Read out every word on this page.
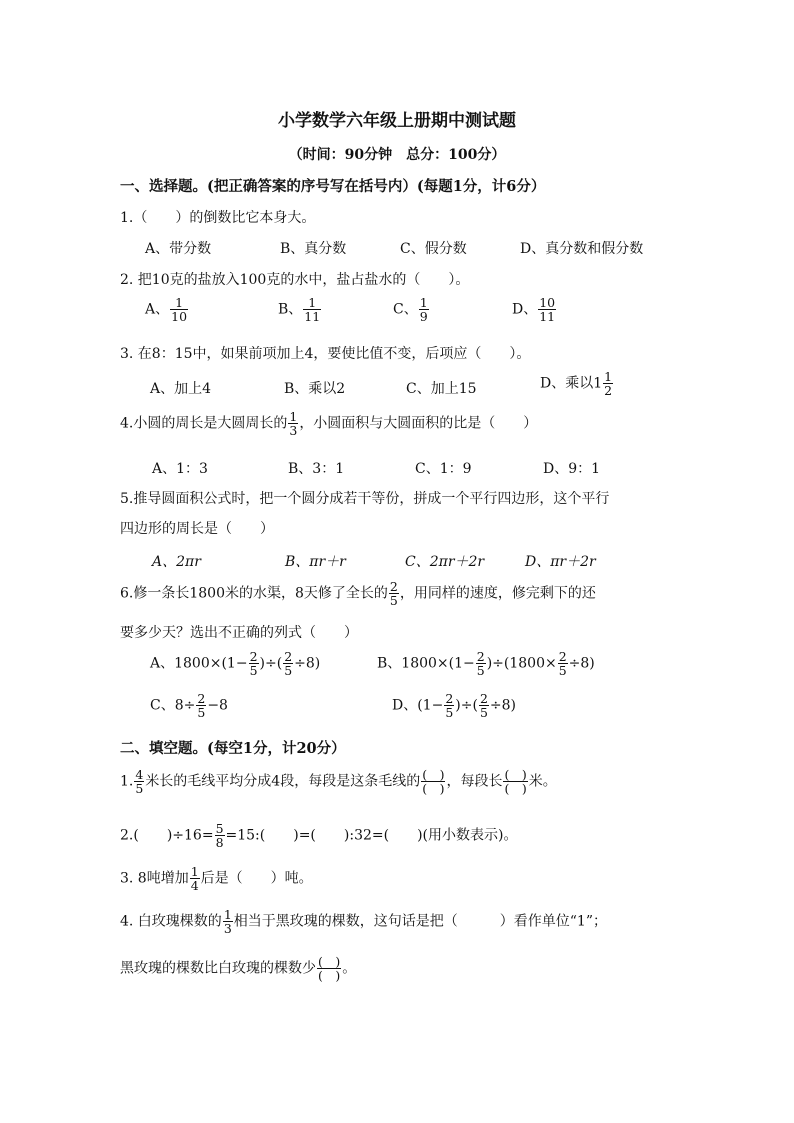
小学数学六年级上册期中测试题
（时间：90分钟　总分：100分）
一、选择题。(把正确答案的序号写在括号内）(每题1分，计6分）
1.（　　）的倒数比它本身大。
A、带分数	B、真分数	C、假分数	D、真分数和假分数
2. 把10克的盐放入100克的水中，盐占盐水的（　　）。
A、 $\frac{1}{10}$	B、 $\frac{1}{11}$	C、 $\frac{1}{9}$	D、 $\frac{10}{11}$
3. 在8：15中，如果前项加上4，要使比值不变，后项应（　　）。
A、加上4	B、乘以2	C、加上15	D、乘以$1 \frac{1}{2}$
4.小圆的周长是大圆周长的 $\frac{1}{3}$ ，小圆面积与大圆面积的比是（　　）
A、1：3	B、3：1	C、1：9	D、9：1
5.推导圆面积公式时，把一个圆分成若干等份，拼成一个平行四边形，这个平行
四边形的周长是（　　）
A、2πr	B、πr＋r	C、2πr＋2r	D、πr＋2r
6.修一条长1800米的水渠，8天修了全长的 $\frac{2}{5}$ ，用同样的速度，修完剩下的还
要多少天？选出不正确的列式（　　）
A、$1800\times(1- \frac{2}{5}$ )÷( $\frac{2}{5} \div 8$)	B、$1800\times(1- \frac{2}{5} )\div(1800\times \frac{2}{5} \div 8)$
C、$8\div \frac{2}{5} -8$	D、($1- \frac{2}{5}$ )÷( $\frac{2}{5} \div 8$)
二、填空题。(每空1分，计20分）
1. $\frac{4}{5}$ 米长的毛线平均分成4段，每段是这条毛线的 $\frac{( )}{( )}$ ，每段长 $\frac{( )}{( )}$ 米。
2.(　　)$\div 16= \frac{5}{8}$ =15:(　　)=(　　):32=(　　)(用小数表示)。
3. 8吨增加 $\frac{1}{4}$ 后是（　　）吨。
4. 白玫瑰棵数的 $\frac{1}{3}$ 相当于黑玫瑰的棵数，这句话是把（　　　）看作单位“1”；
黑玫瑰的棵数比白玫瑰的棵数少 $\frac{( )}{( )}$ 。
